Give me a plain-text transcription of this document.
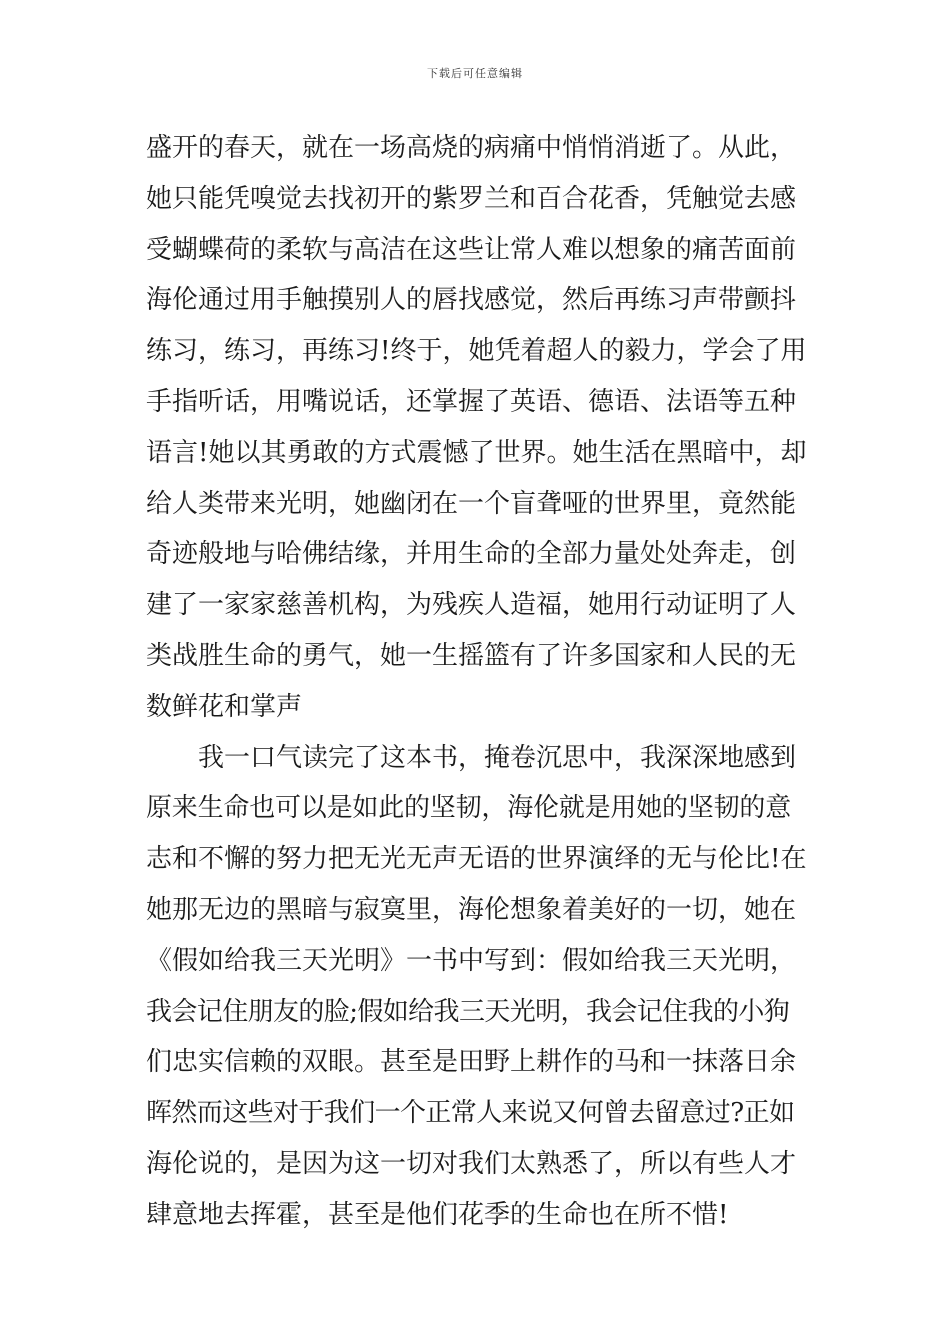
下载后可任意编辑
盛开的春天，就在一场高烧的病痛中悄悄消逝了。从此，
她只能凭嗅觉去找初开的紫罗兰和百合花香，凭触觉去感
受蝴蝶荷的柔软与高洁在这些让常人难以想象的痛苦面前
海伦通过用手触摸别人的唇找感觉，然后再练习声带颤抖
练习，练习，再练习!终于，她凭着超人的毅力，学会了用
手指听话，用嘴说话，还掌握了英语、德语、法语等五种
语言!她以其勇敢的方式震憾了世界。她生活在黑暗中，却
给人类带来光明，她幽闭在一个盲聋哑的世界里，竟然能
奇迹般地与哈佛结缘，并用生命的全部力量处处奔走，创
建了一家家慈善机构，为残疾人造福，她用行动证明了人
类战胜生命的勇气，她一生摇篮有了许多国家和人民的无
数鲜花和掌声
我一口气读完了这本书，掩卷沉思中，我深深地感到
原来生命也可以是如此的坚韧，海伦就是用她的坚韧的意
志和不懈的努力把无光无声无语的世界演绎的无与伦比!在
她那无边的黑暗与寂寞里，海伦想象着美好的一切，她在
《假如给我三天光明》一书中写到：假如给我三天光明，
我会记住朋友的脸;假如给我三天光明，我会记住我的小狗
们忠实信赖的双眼。甚至是田野上耕作的马和一抹落日余
晖然而这些对于我们一个正常人来说又何曾去留意过?正如
海伦说的，是因为这一切对我们太熟悉了，所以有些人才
肆意地去挥霍，甚至是他们花季的生命也在所不惜!
